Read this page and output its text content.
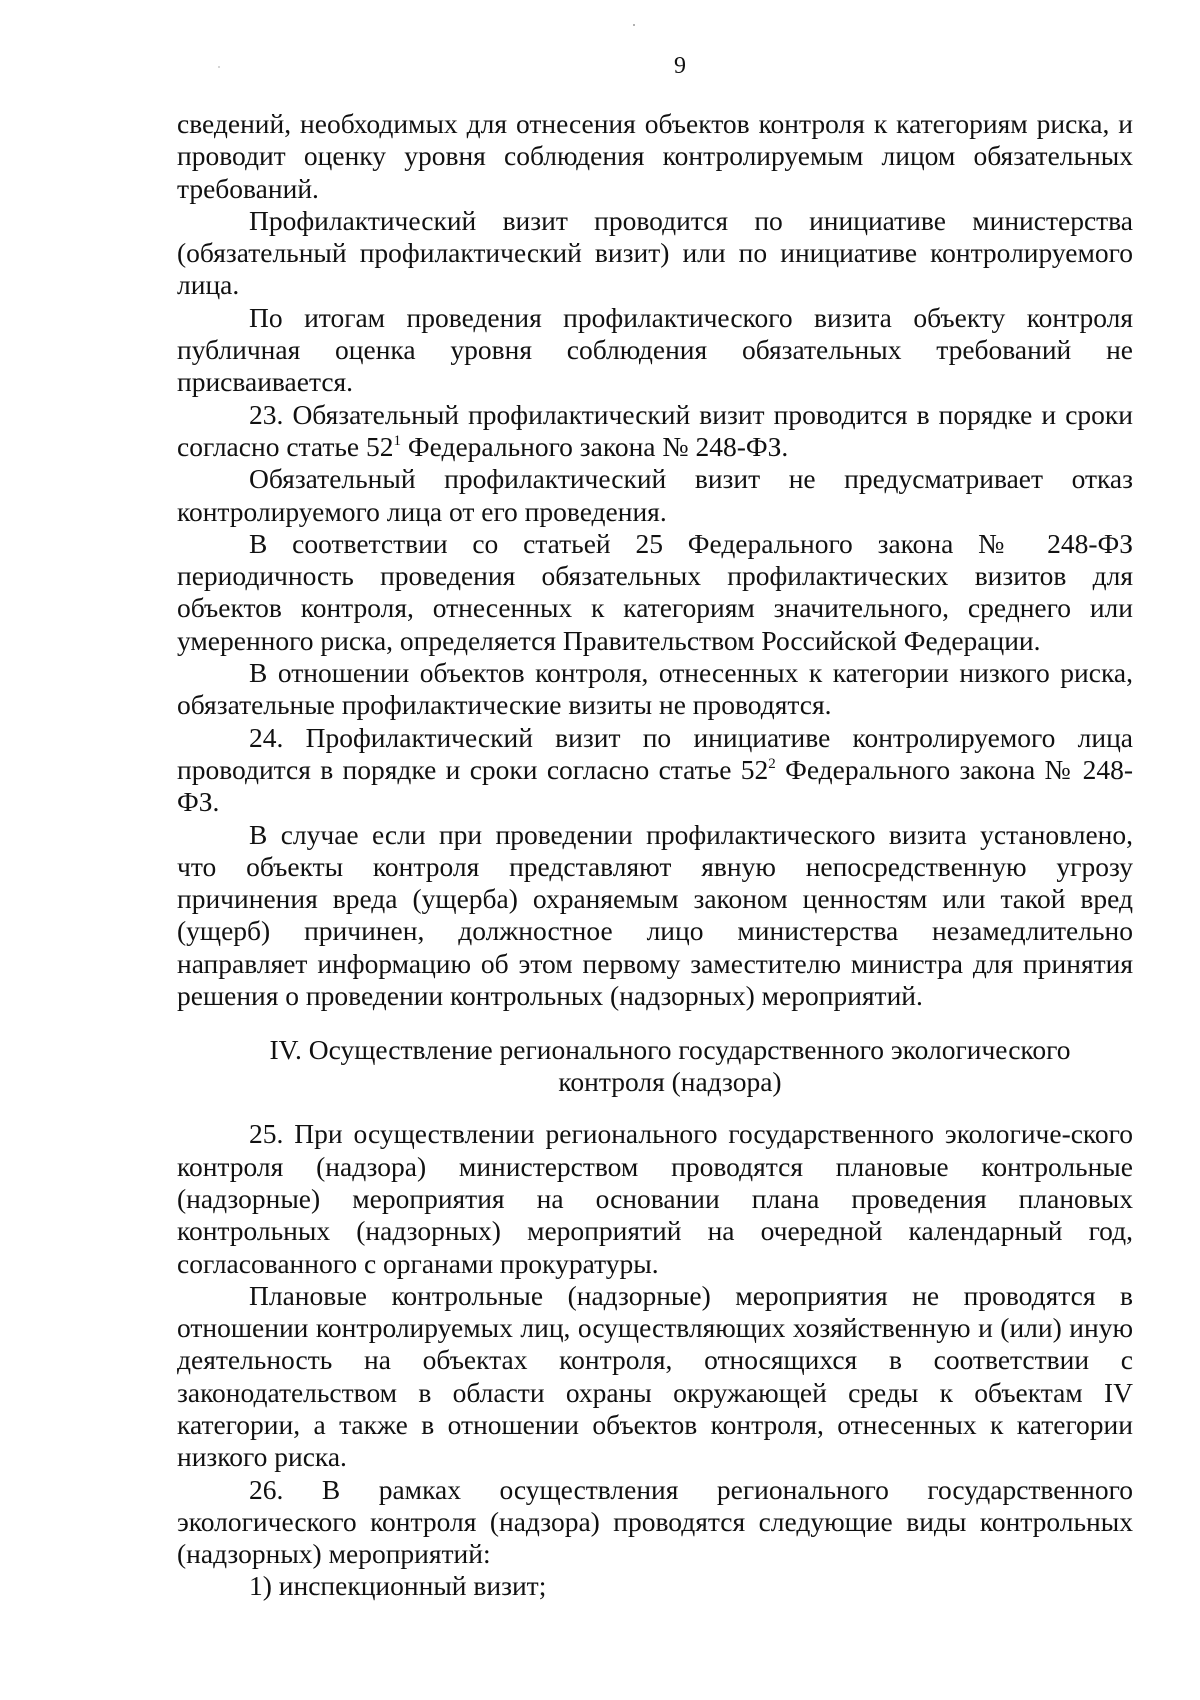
9

сведений, необходимых для отнесения объектов контроля к категориям риска, и проводит оценку уровня соблюдения контролируемым лицом обязательных требований.

Профилактический визит проводится по инициативе министерства (обязательный профилактический визит) или по инициативе контролируемого лица.

По итогам проведения профилактического визита объекту контроля публичная оценка уровня соблюдения обязательных требований не присваивается.

23. Обязательный профилактический визит проводится в порядке и сроки согласно статье $52^1$ Федерального закона № 248-ФЗ.

Обязательный профилактический визит не предусматривает отказ контролируемого лица от его проведения.

В соответствии со статьей 25 Федерального закона № 248-ФЗ периодичность проведения обязательных профилактических визитов для объектов контроля, отнесенных к категориям значительного, среднего или умеренного риска, определяется Правительством Российской Федерации.

В отношении объектов контроля, отнесенных к категории низкого риска, обязательные профилактические визиты не проводятся.

24. Профилактический визит по инициативе контролируемого лица проводится в порядке и сроки согласно статье $52^2$ Федерального закона № 248-ФЗ.

В случае если при проведении профилактического визита установлено, что объекты контроля представляют явную непосредственную угрозу причинения вреда (ущерба) охраняемым законом ценностям или такой вред (ущерб) причинен, должностное лицо министерства незамедлительно направляет информацию об этом первому заместителю министра для принятия решения о проведении контрольных (надзорных) мероприятий.

IV. Осуществление регионального государственного экологического контроля (надзора)

25. При осуществлении регионального государственного экологиче-ского контроля (надзора) министерством проводятся плановые контрольные (надзорные) мероприятия на основании плана проведения плановых контрольных (надзорных) мероприятий на очередной календарный год, согласованного с органами прокуратуры.

Плановые контрольные (надзорные) мероприятия не проводятся в отношении контролируемых лиц, осуществляющих хозяйственную и (или) иную деятельность на объектах контроля, относящихся в соответствии с законодательством в области охраны окружающей среды к объектам IV категории, а также в отношении объектов контроля, отнесенных к категории низкого риска.

26. В рамках осуществления регионального государственного экологического контроля (надзора) проводятся следующие виды контрольных (надзорных) мероприятий:

1) инспекционный визит;
